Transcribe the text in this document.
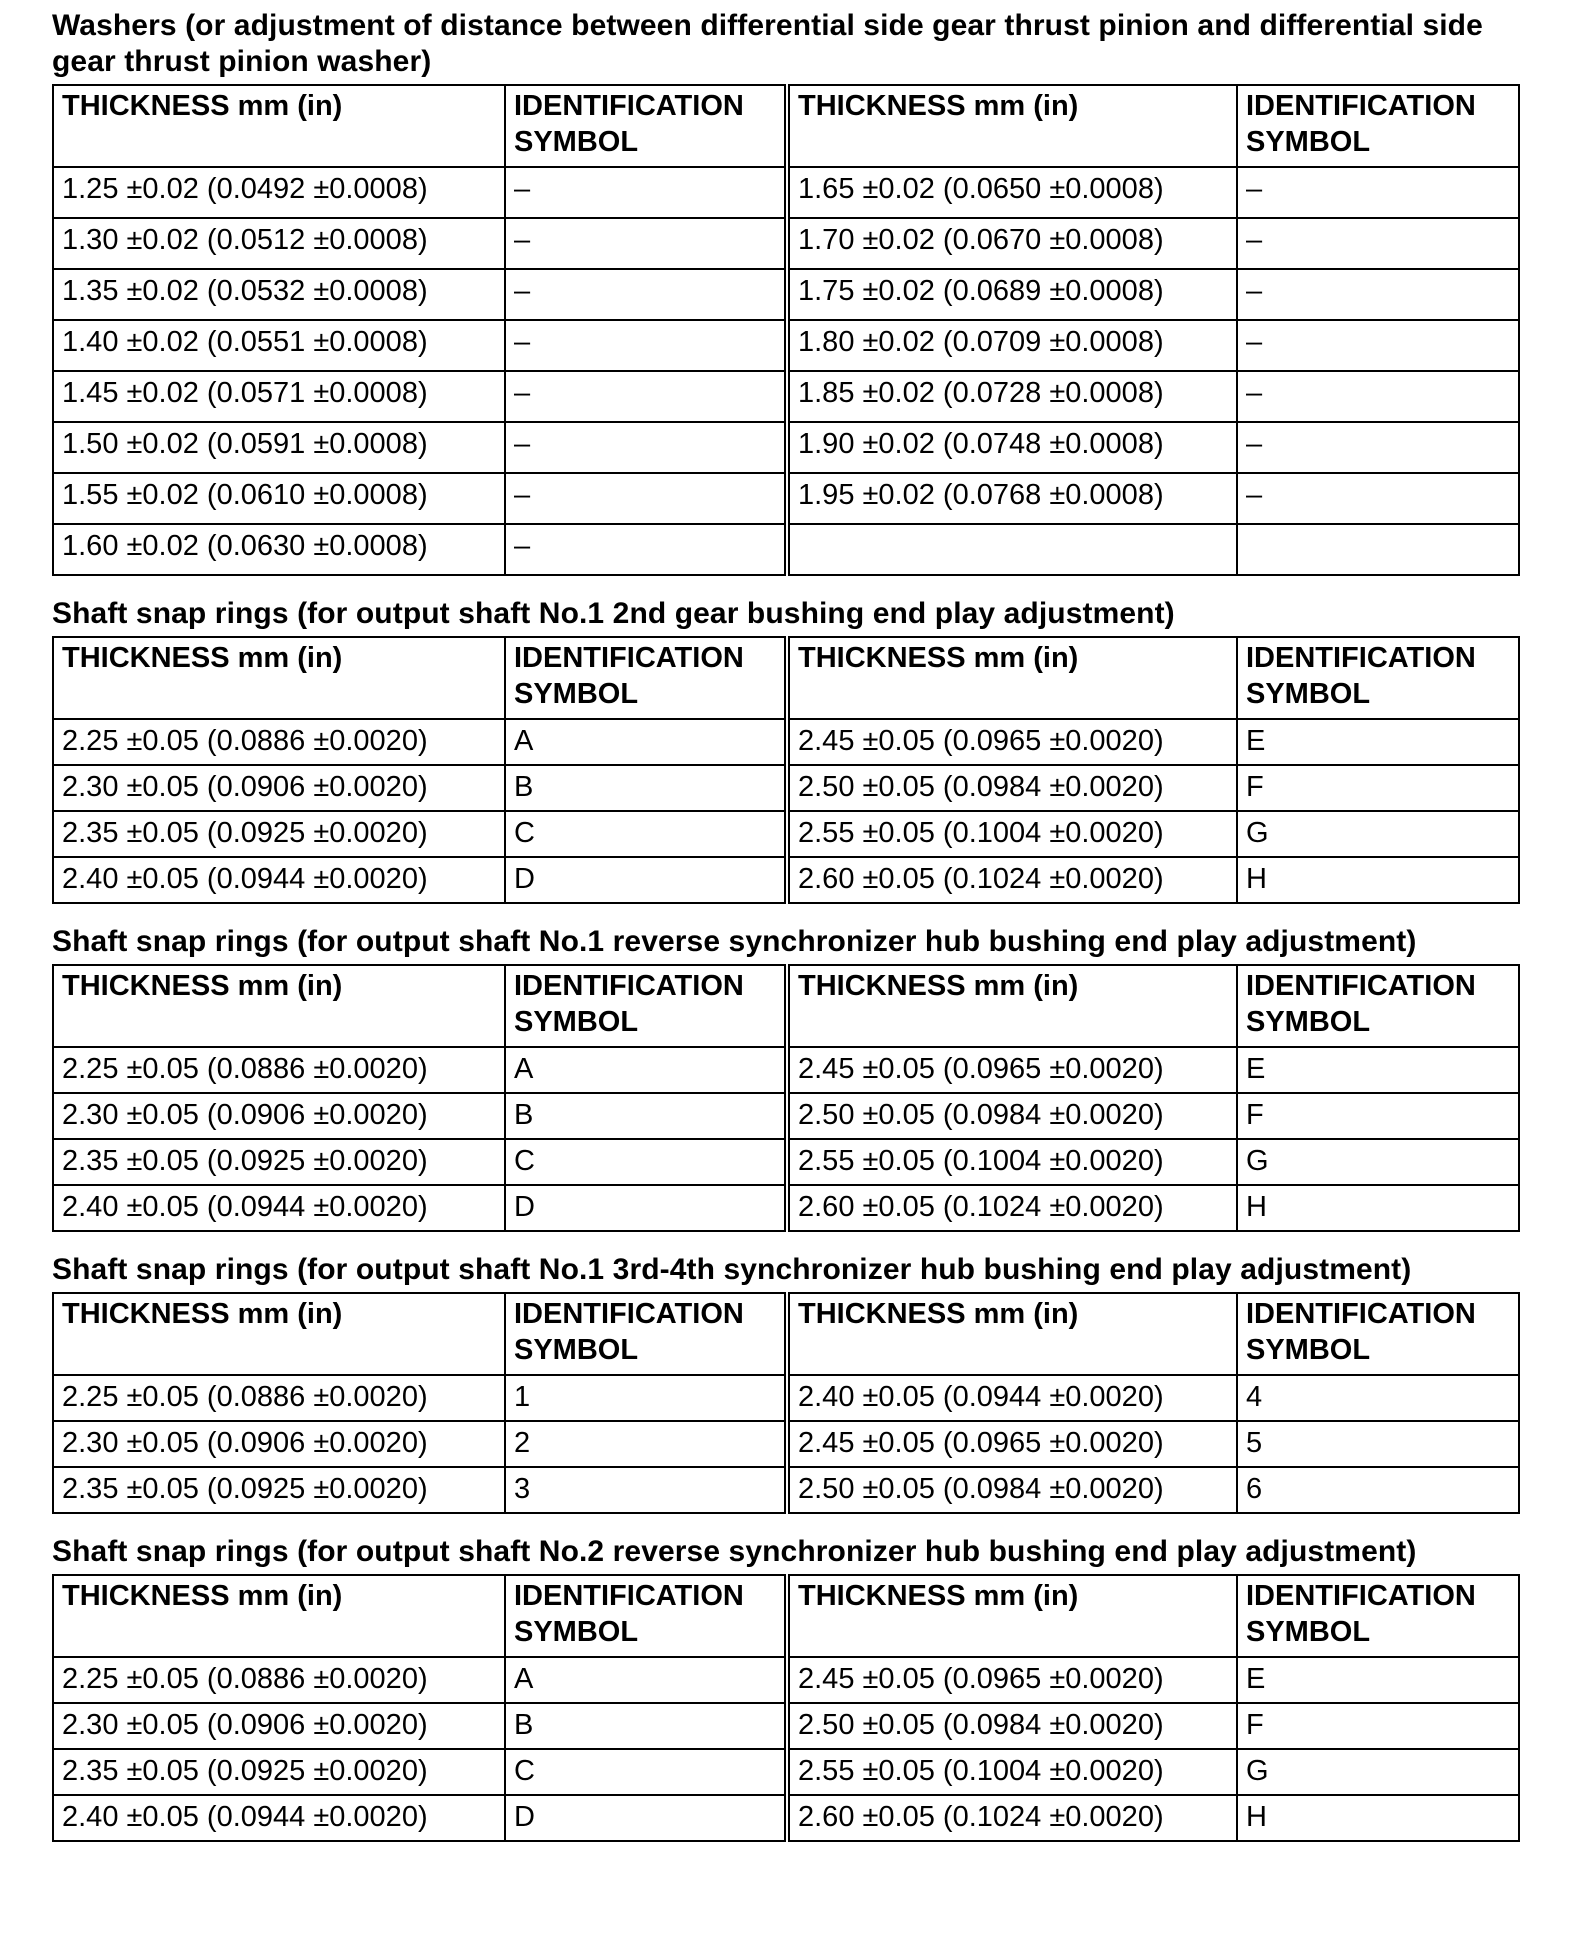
Washers (or adjustment of distance between differential side gear thrust pinion and differential side gear thrust pinion washer)

THICKNESS mm (in)	IDENTIFICATION SYMBOL	THICKNESS mm (in)	IDENTIFICATION SYMBOL
1.25 ±0.02 (0.0492 ±0.0008)	–	1.65 ±0.02 (0.0650 ±0.0008)	–
1.30 ±0.02 (0.0512 ±0.0008)	–	1.70 ±0.02 (0.0670 ±0.0008)	–
1.35 ±0.02 (0.0532 ±0.0008)	–	1.75 ±0.02 (0.0689 ±0.0008)	–
1.40 ±0.02 (0.0551 ±0.0008)	–	1.80 ±0.02 (0.0709 ±0.0008)	–
1.45 ±0.02 (0.0571 ±0.0008)	–	1.85 ±0.02 (0.0728 ±0.0008)	–
1.50 ±0.02 (0.0591 ±0.0008)	–	1.90 ±0.02 (0.0748 ±0.0008)	–
1.55 ±0.02 (0.0610 ±0.0008)	–	1.95 ±0.02 (0.0768 ±0.0008)	–
1.60 ±0.02 (0.0630 ±0.0008)	–		

Shaft snap rings (for output shaft No.1 2nd gear bushing end play adjustment)

THICKNESS mm (in)	IDENTIFICATION SYMBOL	THICKNESS mm (in)	IDENTIFICATION SYMBOL
2.25 ±0.05 (0.0886 ±0.0020)	A	2.45 ±0.05 (0.0965 ±0.0020)	E
2.30 ±0.05 (0.0906 ±0.0020)	B	2.50 ±0.05 (0.0984 ±0.0020)	F
2.35 ±0.05 (0.0925 ±0.0020)	C	2.55 ±0.05 (0.1004 ±0.0020)	G
2.40 ±0.05 (0.0944 ±0.0020)	D	2.60 ±0.05 (0.1024 ±0.0020)	H

Shaft snap rings (for output shaft No.1 reverse synchronizer hub bushing end play adjustment)

THICKNESS mm (in)	IDENTIFICATION SYMBOL	THICKNESS mm (in)	IDENTIFICATION SYMBOL
2.25 ±0.05 (0.0886 ±0.0020)	A	2.45 ±0.05 (0.0965 ±0.0020)	E
2.30 ±0.05 (0.0906 ±0.0020)	B	2.50 ±0.05 (0.0984 ±0.0020)	F
2.35 ±0.05 (0.0925 ±0.0020)	C	2.55 ±0.05 (0.1004 ±0.0020)	G
2.40 ±0.05 (0.0944 ±0.0020)	D	2.60 ±0.05 (0.1024 ±0.0020)	H

Shaft snap rings (for output shaft No.1 3rd-4th synchronizer hub bushing end play adjustment)

THICKNESS mm (in)	IDENTIFICATION SYMBOL	THICKNESS mm (in)	IDENTIFICATION SYMBOL
2.25 ±0.05 (0.0886 ±0.0020)	1	2.40 ±0.05 (0.0944 ±0.0020)	4
2.30 ±0.05 (0.0906 ±0.0020)	2	2.45 ±0.05 (0.0965 ±0.0020)	5
2.35 ±0.05 (0.0925 ±0.0020)	3	2.50 ±0.05 (0.0984 ±0.0020)	6

Shaft snap rings (for output shaft No.2 reverse synchronizer hub bushing end play adjustment)

THICKNESS mm (in)	IDENTIFICATION SYMBOL	THICKNESS mm (in)	IDENTIFICATION SYMBOL
2.25 ±0.05 (0.0886 ±0.0020)	A	2.45 ±0.05 (0.0965 ±0.0020)	E
2.30 ±0.05 (0.0906 ±0.0020)	B	2.50 ±0.05 (0.0984 ±0.0020)	F
2.35 ±0.05 (0.0925 ±0.0020)	C	2.55 ±0.05 (0.1004 ±0.0020)	G
2.40 ±0.05 (0.0944 ±0.0020)	D	2.60 ±0.05 (0.1024 ±0.0020)	H
